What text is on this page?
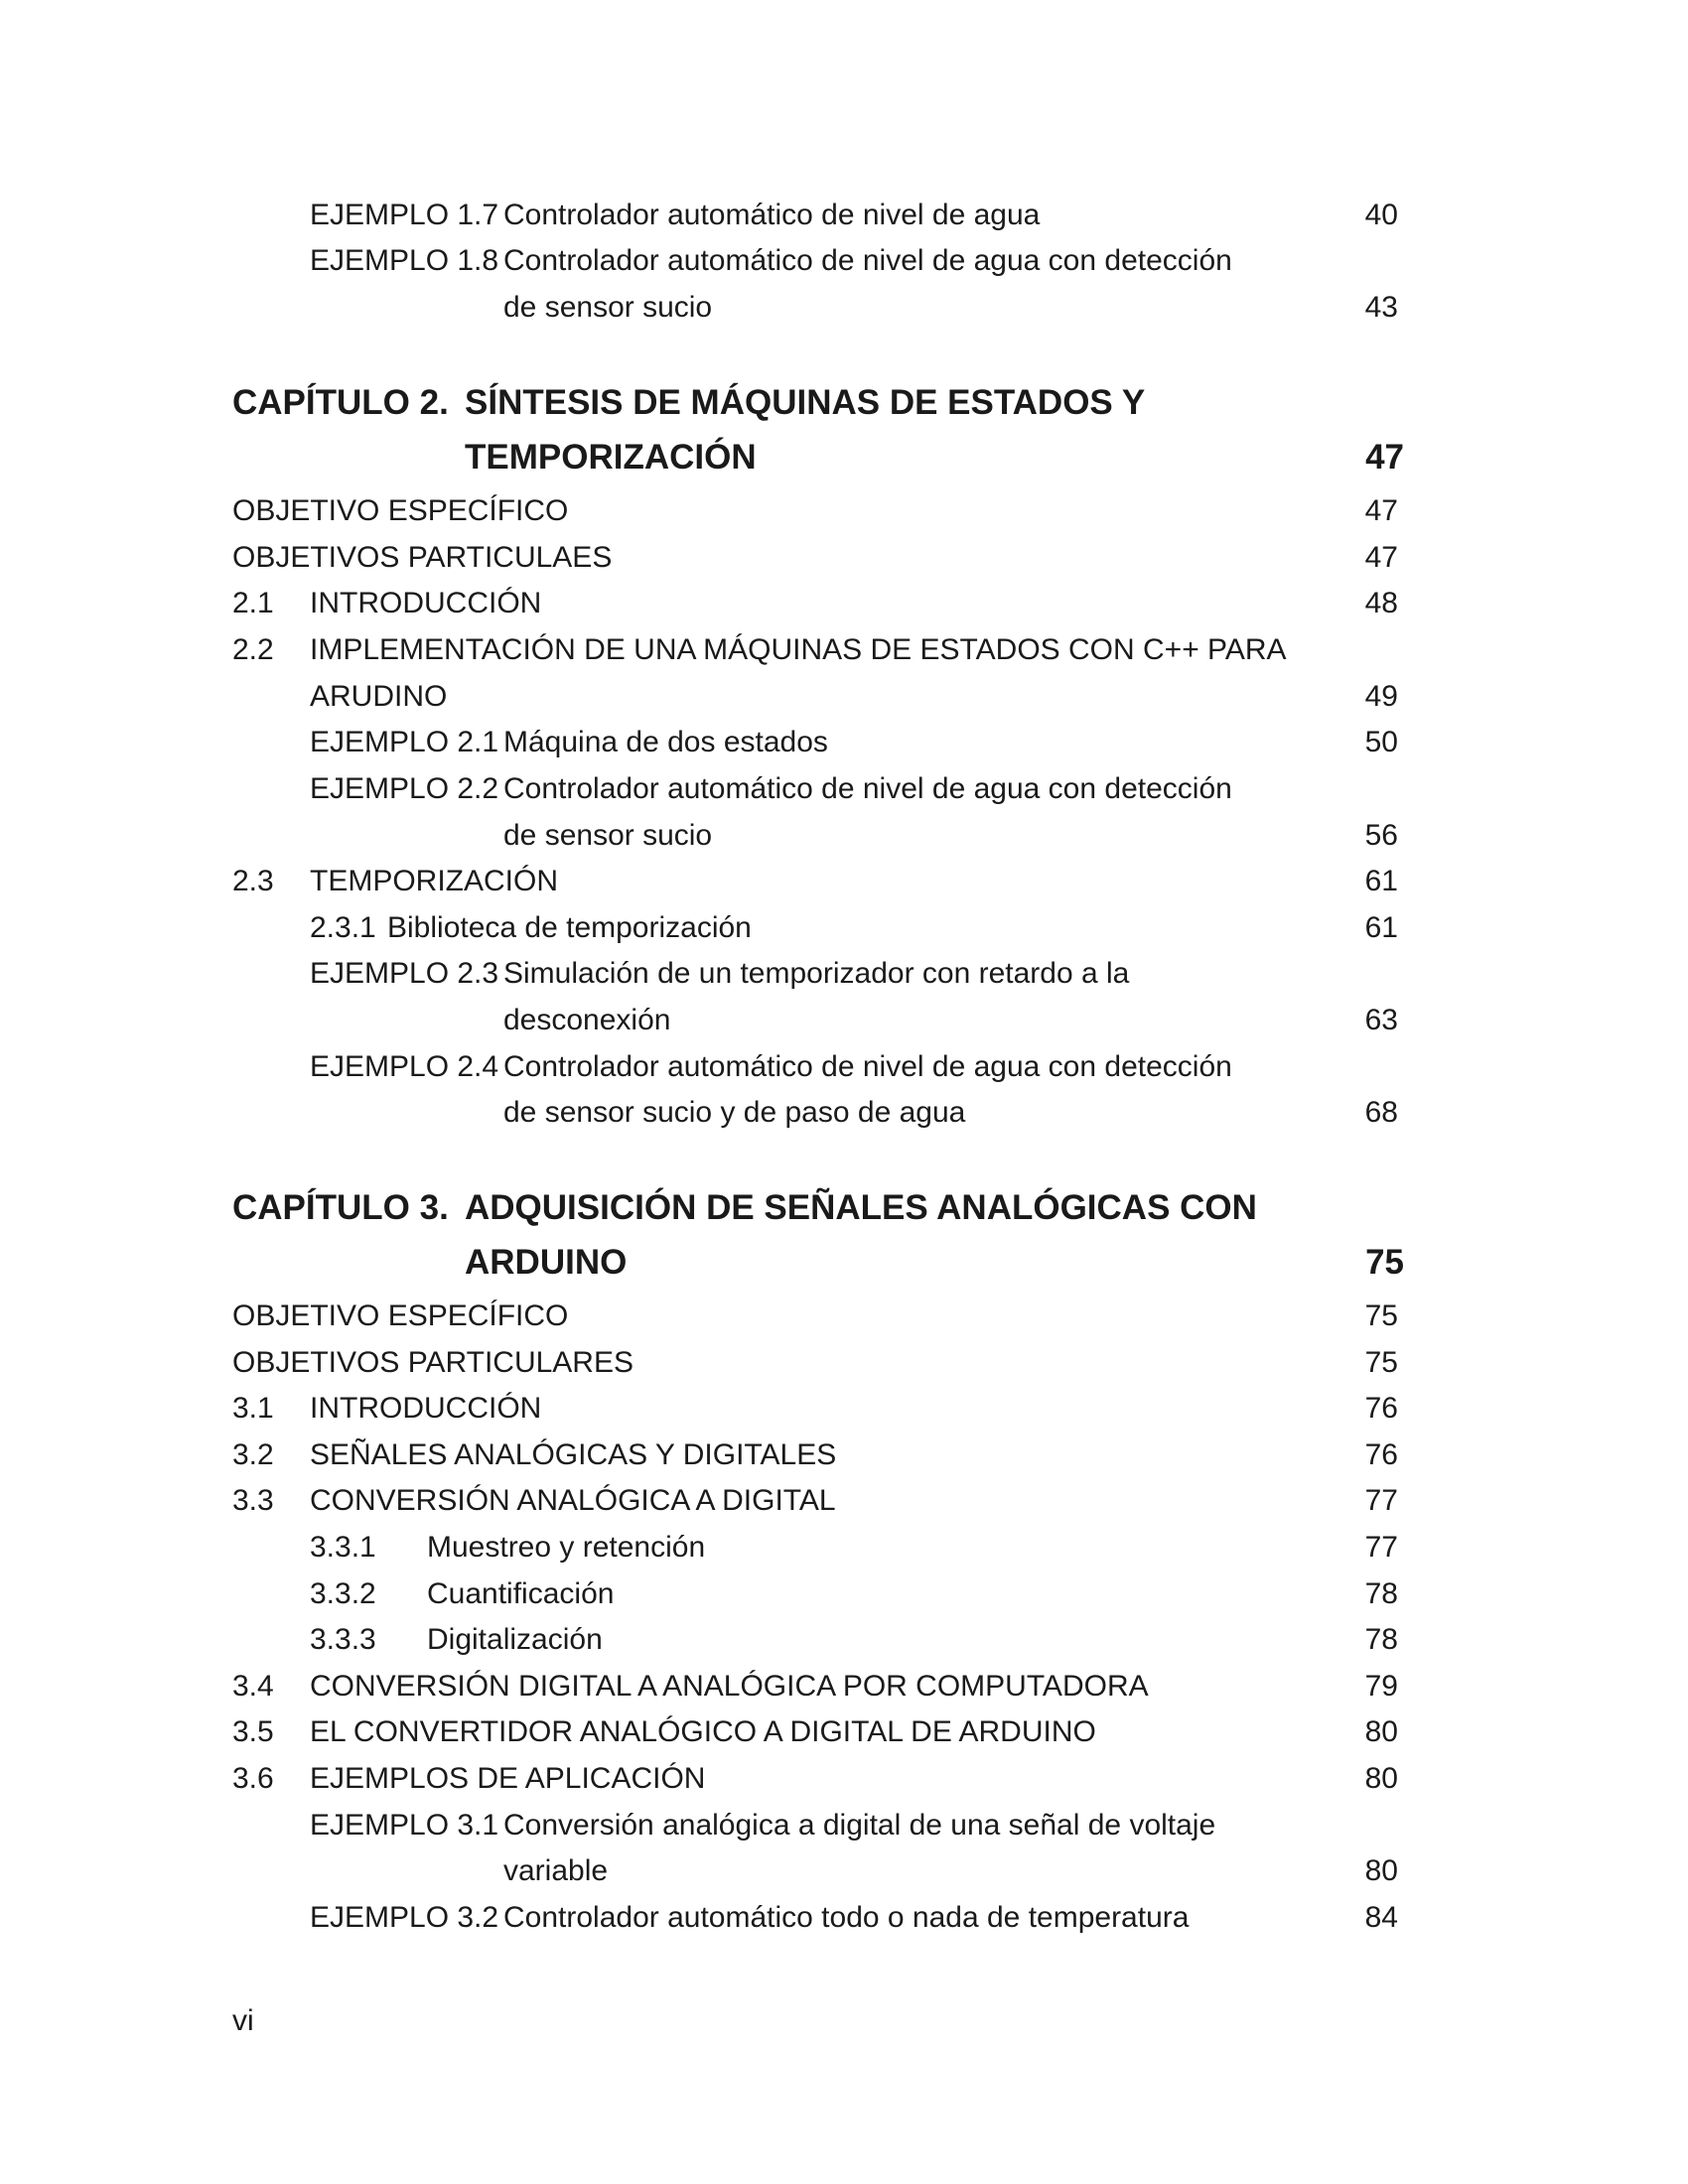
EJEMPLO 1.7 Controlador automático de nivel de agua	40
EJEMPLO 1.8 Controlador automático de nivel de agua con detección
de sensor sucio	43
CAPÍTULO 2. SÍNTESIS DE MÁQUINAS DE ESTADOS Y
TEMPORIZACIÓN	47
OBJETIVO ESPECÍFICO	47
OBJETIVOS PARTICULAES	47
2.1 INTRODUCCIÓN	48
2.2 IMPLEMENTACIÓN DE UNA MÁQUINAS DE ESTADOS CON C++ PARA
ARUDINO	49
EJEMPLO 2.1 Máquina de dos estados	50
EJEMPLO 2.2 Controlador automático de nivel de agua con detección
de sensor sucio	56
2.3 TEMPORIZACIÓN	61
2.3.1 Biblioteca de temporización	61
EJEMPLO 2.3 Simulación de un temporizador con retardo a la
desconexión	63
EJEMPLO 2.4 Controlador automático de nivel de agua con detección
de sensor sucio y de paso de agua	68
CAPÍTULO 3. ADQUISICIÓN DE SEÑALES ANALÓGICAS CON
ARDUINO	75
OBJETIVO ESPECÍFICO	75
OBJETIVOS PARTICULARES	75
3.1 INTRODUCCIÓN	76
3.2 SEÑALES ANALÓGICAS Y DIGITALES	76
3.3 CONVERSIÓN ANALÓGICA A DIGITAL	77
3.3.1 Muestreo y retención	77
3.3.2 Cuantificación	78
3.3.3 Digitalización	78
3.4 CONVERSIÓN DIGITAL A ANALÓGICA POR COMPUTADORA	79
3.5 EL CONVERTIDOR ANALÓGICO A DIGITAL DE ARDUINO	80
3.6 EJEMPLOS DE APLICACIÓN	80
EJEMPLO 3.1 Conversión analógica a digital de una señal de voltaje
variable	80
EJEMPLO 3.2 Controlador automático todo o nada de temperatura	84
vi
